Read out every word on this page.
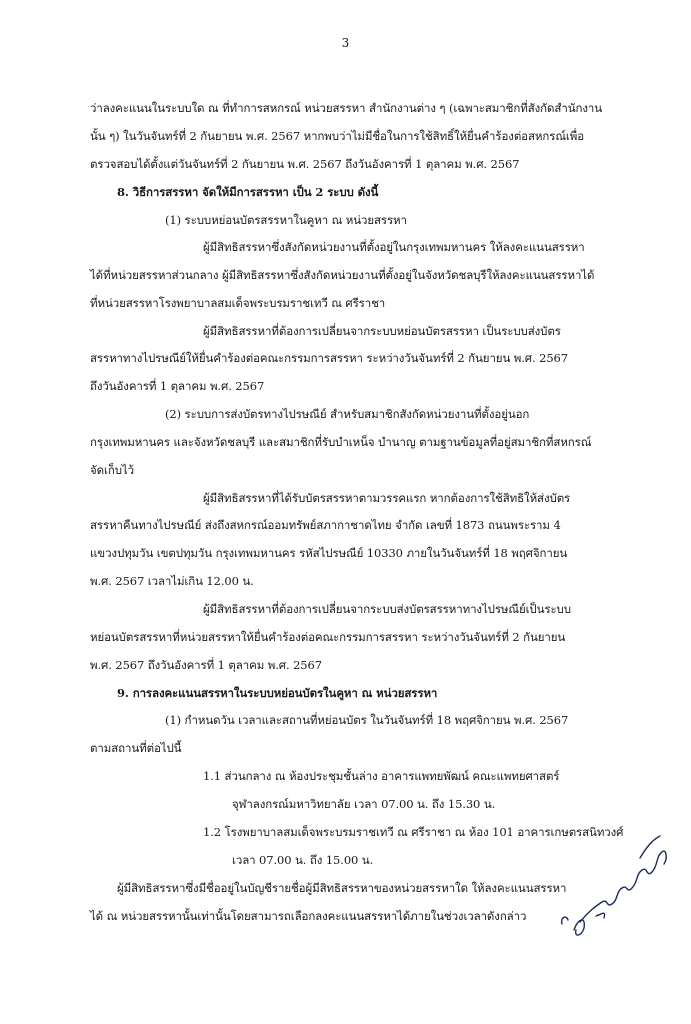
3
ว่าลงคะแนนในระบบใด ณ ที่ทำการสหกรณ์ หน่วยสรรหา สำนักงานต่าง ๆ (เฉพาะสมาชิกที่สังกัดสำนักงาน
นั้น ๆ) ในวันจันทร์ที่ 2 กันยายน พ.ศ. 2567 หากพบว่าไม่มีชื่อในการใช้สิทธิ์ให้ยื่นคำร้องต่อสหกรณ์เพื่อ
ตรวจสอบได้ตั้งแต่วันจันทร์ที่ 2 กันยายน พ.ศ. 2567 ถึงวันอังคารที่ 1 ตุลาคม พ.ศ. 2567
8. วิธีการสรรหา จัดให้มีการสรรหา เป็น 2 ระบบ ดังนี้
(1) ระบบหย่อนบัตรสรรหาในคูหา ณ หน่วยสรรหา
ผู้มีสิทธิสรรหาซึ่งสังกัดหน่วยงานที่ตั้งอยู่ในกรุงเทพมหานคร ให้ลงคะแนนสรรหา
ได้ที่หน่วยสรรหาส่วนกลาง ผู้มีสิทธิสรรหาซึ่งสังกัดหน่วยงานที่ตั้งอยู่ในจังหวัดชลบุรีให้ลงคะแนนสรรหาได้
ที่หน่วยสรรหาโรงพยาบาลสมเด็จพระบรมราชเทวี ณ ศรีราชา
ผู้มีสิทธิสรรหาที่ต้องการเปลี่ยนจากระบบหย่อนบัตรสรรหา เป็นระบบส่งบัตร
สรรหาทางไปรษณีย์ให้ยื่นคำร้องต่อคณะกรรมการสรรหา ระหว่างวันจันทร์ที่ 2 กันยายน พ.ศ. 2567
ถึงวันอังคารที่ 1 ตุลาคม พ.ศ. 2567
(2) ระบบการส่งบัตรทางไปรษณีย์ สำหรับสมาชิกสังกัดหน่วยงานที่ตั้งอยู่นอก
กรุงเทพมหานคร และจังหวัดชลบุรี และสมาชิกที่รับบำเหน็จ บำนาญ ตามฐานข้อมูลที่อยู่สมาชิกที่สหกรณ์
จัดเก็บไว้
ผู้มีสิทธิสรรหาที่ได้รับบัตรสรรหาตามวรรคแรก หากต้องการใช้สิทธิให้ส่งบัตร
สรรหาคืนทางไปรษณีย์ ส่งถึงสหกรณ์ออมทรัพย์สภากาชาดไทย จำกัด เลขที่ 1873 ถนนพระราม 4
แขวงปทุมวัน เขตปทุมวัน กรุงเทพมหานคร รหัสไปรษณีย์ 10330 ภายในวันจันทร์ที่ 18 พฤศจิกายน
พ.ศ. 2567 เวลาไม่เกิน 12.00 น.
ผู้มีสิทธิสรรหาที่ต้องการเปลี่ยนจากระบบส่งบัตรสรรหาทางไปรษณีย์เป็นระบบ
หย่อนบัตรสรรหาที่หน่วยสรรหาให้ยื่นคำร้องต่อคณะกรรมการสรรหา ระหว่างวันจันทร์ที่ 2 กันยายน
พ.ศ. 2567 ถึงวันอังคารที่ 1 ตุลาคม พ.ศ. 2567
9. การลงคะแนนสรรหาในระบบหย่อนบัตรในคูหา ณ หน่วยสรรหา
(1) กำหนดวัน เวลาและสถานที่หย่อนบัตร ในวันจันทร์ที่ 18 พฤศจิกายน พ.ศ. 2567
ตามสถานที่ต่อไปนี้
1.1 ส่วนกลาง ณ ห้องประชุมชั้นล่าง อาคารแพทยพัฒน์ คณะแพทยศาสตร์
จุฬาลงกรณ์มหาวิทยาลัย เวลา 07.00 น. ถึง 15.30 น.
1.2 โรงพยาบาลสมเด็จพระบรมราชเทวี ณ ศรีราชา ณ ห้อง 101 อาคารเกษตรสนิทวงศ์
เวลา 07.00 น. ถึง 15.00 น.
ผู้มีสิทธิสรรหาซึ่งมีชื่ออยู่ในบัญชีรายชื่อผู้มีสิทธิสรรหาของหน่วยสรรหาใด ให้ลงคะแนนสรรหา
ได้ ณ หน่วยสรรหานั้นเท่านั้นโดยสามารถเลือกลงคะแนนสรรหาได้ภายในช่วงเวลาดังกล่าว
